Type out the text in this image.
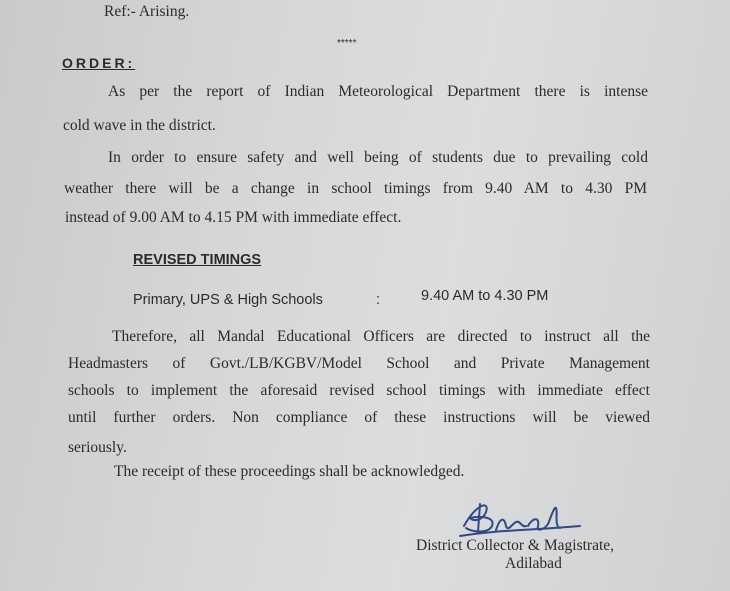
Ref:- Arising.
*****
ORDER:
As per the report of Indian Meteorological Department there is intense
cold wave in the district.
In order to ensure safety and well being of students due to prevailing cold
weather there will be a change in school timings from 9.40 AM to 4.30 PM
instead of 9.00 AM to 4.15 PM with immediate effect.
REVISED TIMINGS
Primary, UPS & High Schools	:	9.40 AM to 4.30 PM
Therefore, all Mandal Educational Officers are directed to instruct all the
Headmasters of Govt./LB/KGBV/Model School and Private Management
schools to implement the aforesaid revised school timings with immediate effect
until further orders. Non compliance of these instructions will be viewed
seriously.
The receipt of these proceedings shall be acknowledged.
District Collector & Magistrate,
Adilabad
